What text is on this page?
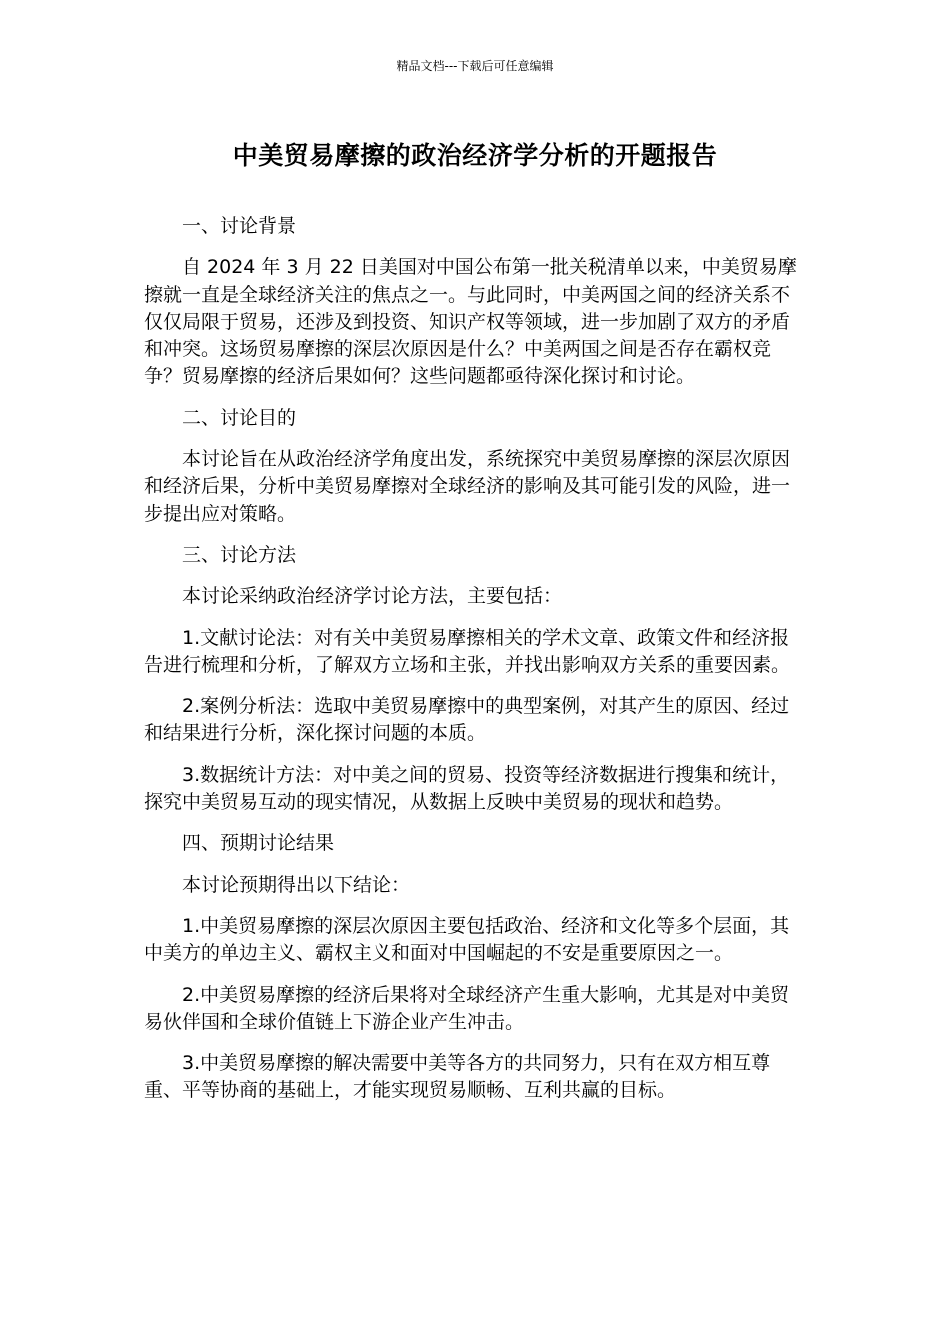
精品文档---下载后可任意编辑
中美贸易摩擦的政治经济学分析的开题报告

一、讨论背景

自 2024 年 3 月 22 日美国对中国公布第一批关税清单以来，中美贸易摩擦就一直是全球经济关注的焦点之一。与此同时，中美两国之间的经济关系不仅仅局限于贸易，还涉及到投资、知识产权等领域，进一步加剧了双方的矛盾和冲突。这场贸易摩擦的深层次原因是什么？中美两国之间是否存在霸权竞争？贸易摩擦的经济后果如何？这些问题都亟待深化探讨和讨论。

二、讨论目的

本讨论旨在从政治经济学角度出发，系统探究中美贸易摩擦的深层次原因和经济后果，分析中美贸易摩擦对全球经济的影响及其可能引发的风险，进一步提出应对策略。

三、讨论方法

本讨论采纳政治经济学讨论方法，主要包括：

1.文献讨论法：对有关中美贸易摩擦相关的学术文章、政策文件和经济报告进行梳理和分析，了解双方立场和主张，并找出影响双方关系的重要因素。

2.案例分析法：选取中美贸易摩擦中的典型案例，对其产生的原因、经过和结果进行分析，深化探讨问题的本质。

3.数据统计方法：对中美之间的贸易、投资等经济数据进行搜集和统计，探究中美贸易互动的现实情况，从数据上反映中美贸易的现状和趋势。

四、预期讨论结果

本讨论预期得出以下结论：

1.中美贸易摩擦的深层次原因主要包括政治、经济和文化等多个层面，其中美方的单边主义、霸权主义和面对中国崛起的不安是重要原因之一。

2.中美贸易摩擦的经济后果将对全球经济产生重大影响，尤其是对中美贸易伙伴国和全球价值链上下游企业产生冲击。

3.中美贸易摩擦的解决需要中美等各方的共同努力，只有在双方相互尊重、平等协商的基础上，才能实现贸易顺畅、互利共赢的目标。
